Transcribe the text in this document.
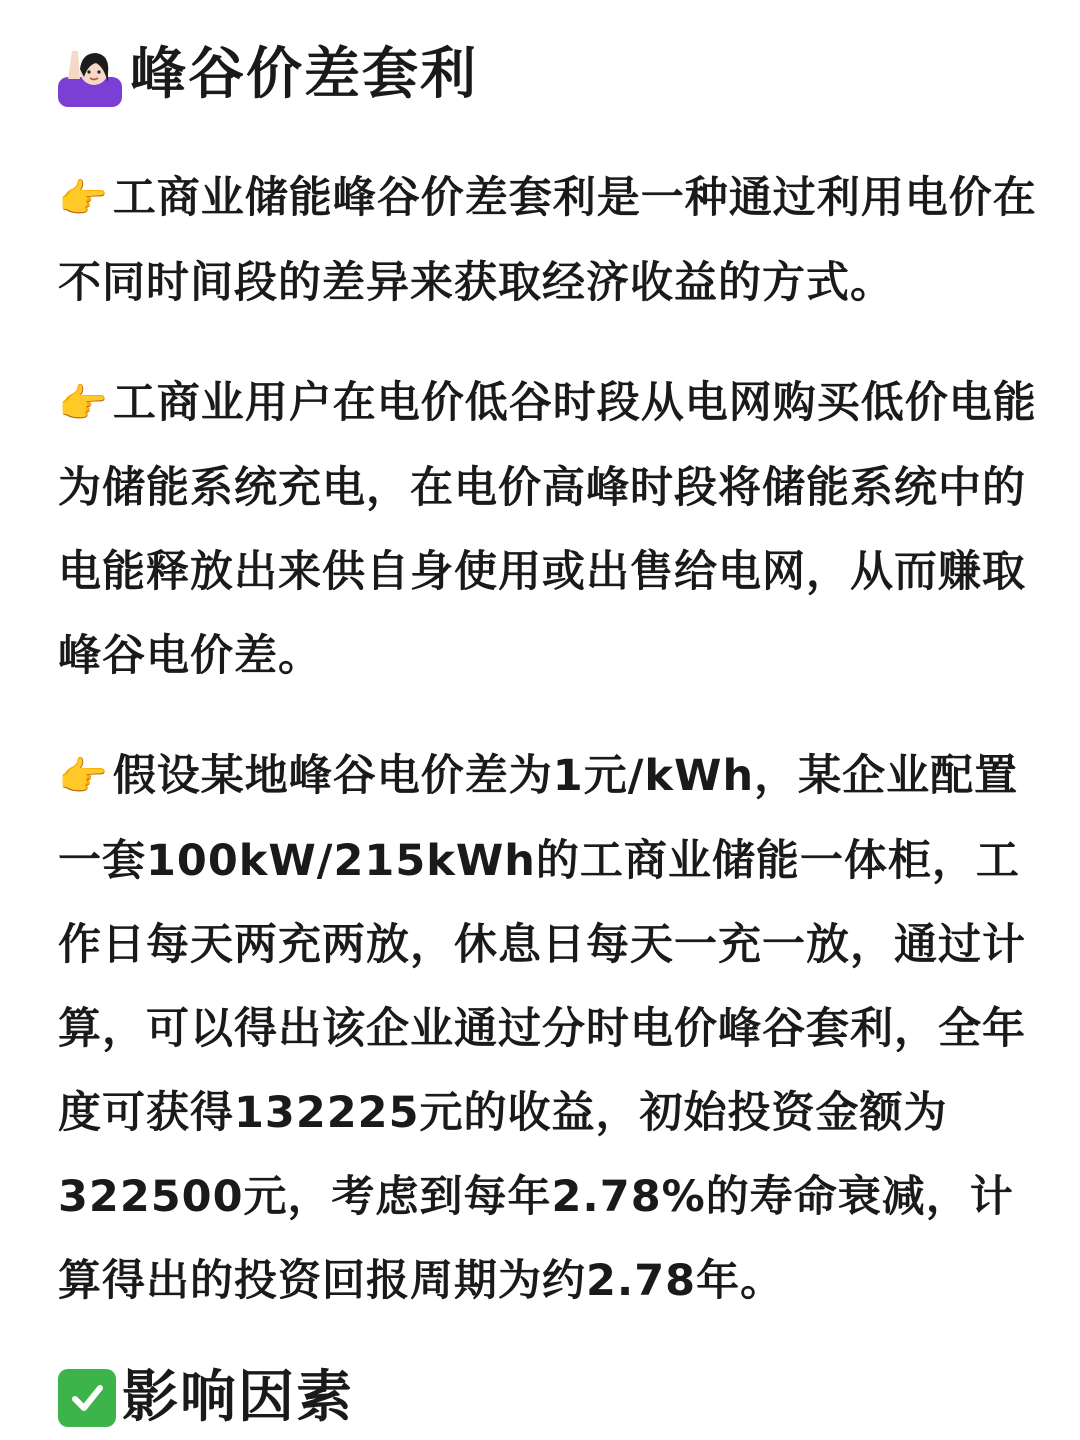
峰谷价差套利

👉工商业储能峰谷价差套利是一种通过利用电价在不同时间段的差异来获取经济收益的方式。

👉工商业用户在电价低谷时段从电网购买低价电能为储能系统充电，在电价高峰时段将储能系统中的电能释放出来供自身使用或出售给电网，从而赚取峰谷电价差。

👉假设某地峰谷电价差为1元/kWh，某企业配置一套100kW/215kWh的工商业储能一体柜，工作日每天两充两放，休息日每天一充一放，通过计算，可以得出该企业通过分时电价峰谷套利，全年度可获得132225元的收益，初始投资金额为322500元，考虑到每年2.78%的寿命衰减，计算得出的投资回报周期为约2.78年。

影响因素
